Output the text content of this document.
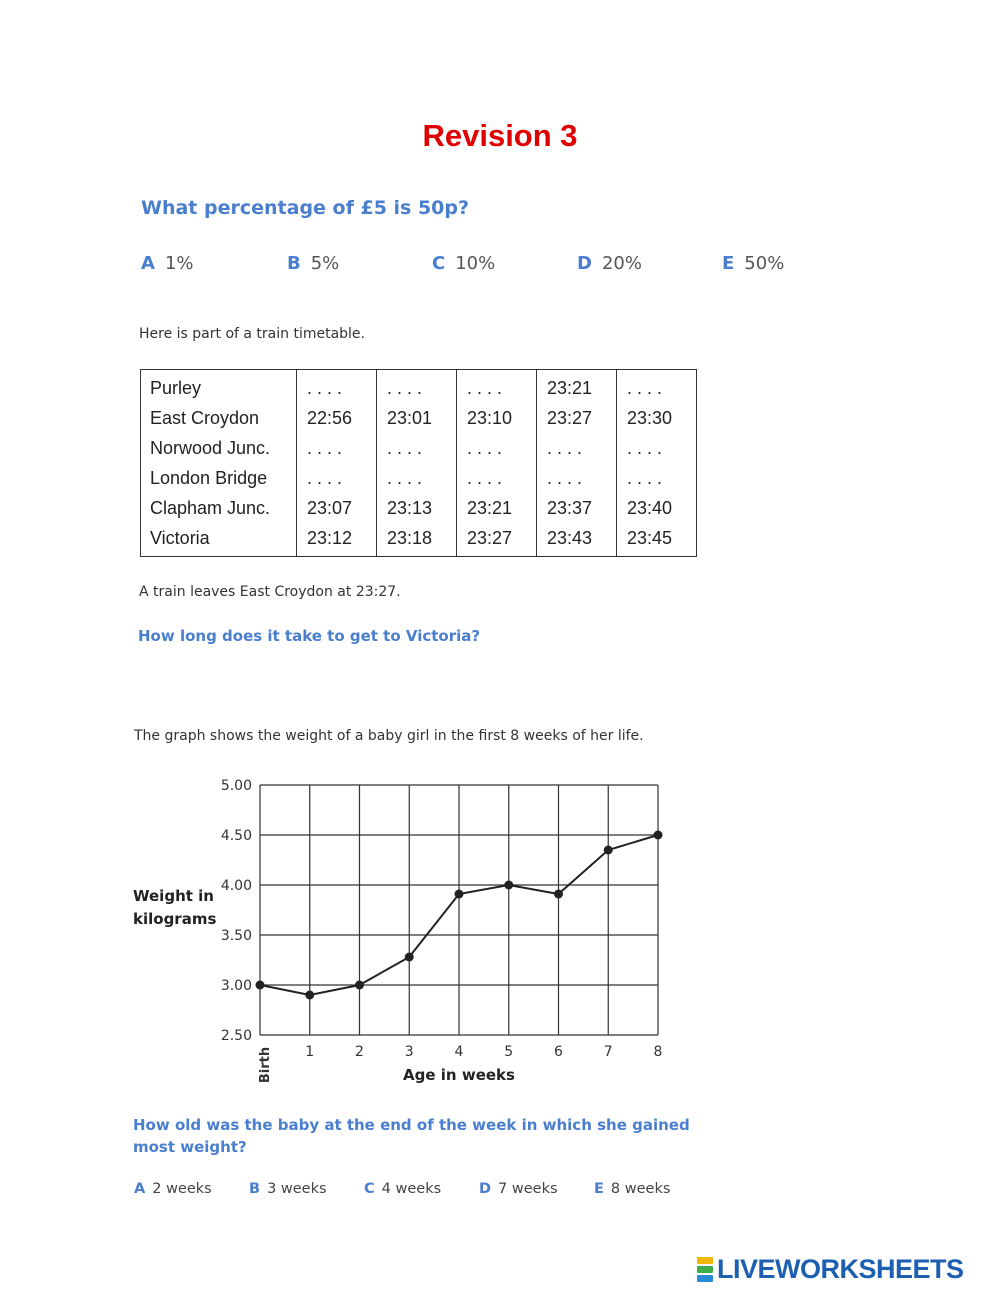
Revision 3
What percentage of £5 is 50p?
A 1%	B 5%	C 10%	D 20%	E 50%
Here is part of a train timetable.
Purley	. . . .	. . . .	. . . .	23:21	. . . .
East Croydon	22:56	23:01	23:10	23:27	23:30
Norwood Junc.	. . . .	. . . .	. . . .	. . . .	. . . .
London Bridge	. . . .	. . . .	. . . .	. . . .	. . . .
Clapham Junc.	23:07	23:13	23:21	23:37	23:40
Victoria	23:12	23:18	23:27	23:43	23:45
A train leaves East Croydon at 23:27.
How long does it take to get to Victoria?
The graph shows the weight of a baby girl in the first 8 weeks of her life.
2.50
3.00
3.50
4.00
4.50
5.00
Birth 1	2	3	4	5	6	7	8
Age in weeks
Weight in
kilograms
How old was the baby at the end of the week in which she gained
most weight?
A 2 weeks	B 3 weeks	C 4 weeks	D 7 weeks	E 8 weeks
LIVEWORKSHEETS
